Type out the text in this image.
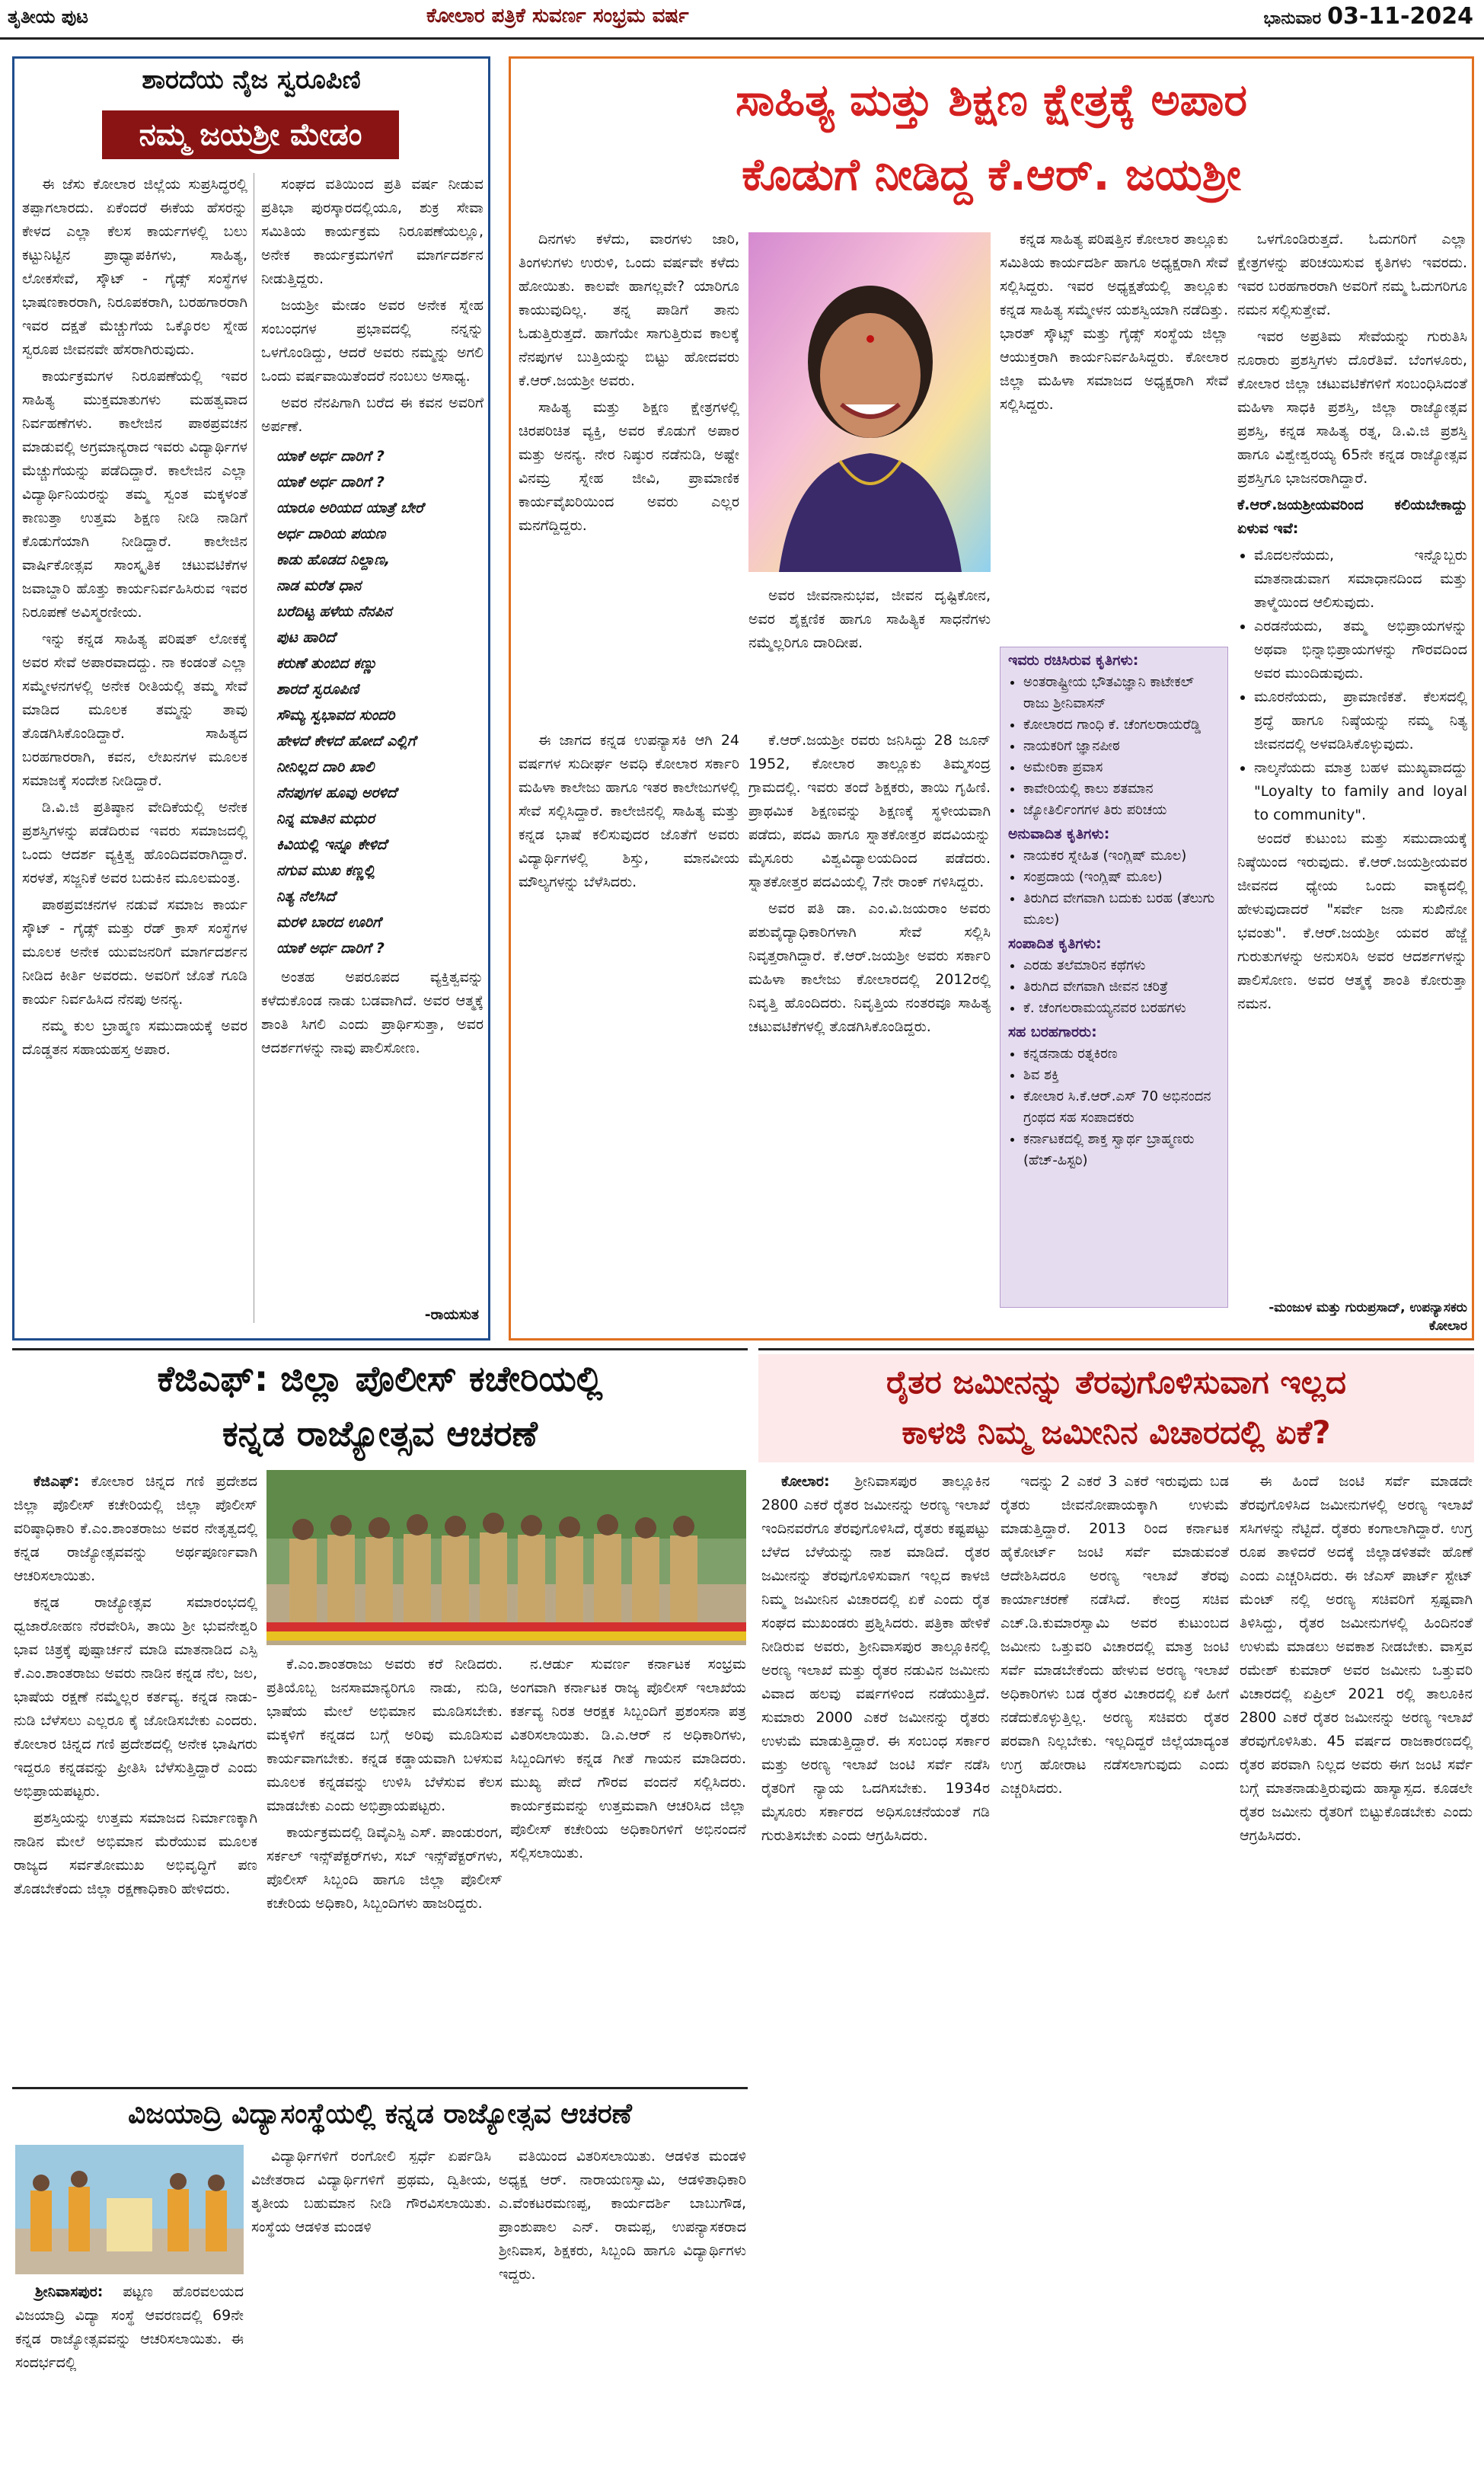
ತೃತೀಯ ಪುಟ	ಕೋಲಾರ ಪತ್ರಿಕೆ ಸುವರ್ಣ ಸಂಭ್ರಮ ವರ್ಷ	ಭಾನುವಾರ 03-11-2024
ಶಾರದೆಯ ನೈಜ ಸ್ವರೂಪಿಣಿ
ನಮ್ಮ ಜಯಶ್ರೀ ಮೇಡಂ

ಈ ಜೆಸು ಕೋಲಾರ ಜಿಲ್ಲೆಯ ಸುಪ್ರಸಿದ್ಧರಲ್ಲಿ ತಪ್ಪಾಗಲಾರದು. ಏಕೆಂದರೆ ಈಕೆಯ ಹೆಸರನ್ನು ಕೇಳದ ಎಲ್ಲಾ ಕೆಲಸ ಕಾರ್ಯಗಳಲ್ಲಿ ಬಲು ಕಟ್ಟುನಿಟ್ಟಿನ ಪ್ರಾಧ್ಯಾಪಕಿಗಳು, ಸಾಹಿತ್ಯ, ಲೋಕಸೇವೆ, ಸ್ಕೌಟ್ - ಗೈಡ್ಸ್ ಸಂಸ್ಥೆಗಳ ಭಾಷಣಕಾರರಾಗಿ, ನಿರೂಪಕರಾಗಿ, ಬರಹಗಾರರಾಗಿ ಇವರ ದಕ್ಷತೆ ಮೆಚ್ಚುಗೆಯ ಒಕ್ಕೊರಲ ಸ್ನೇಹ ಸ್ವರೂಪ ಜೀವನವೇ ಹೆಸರಾಗಿರುವುದು.

ಕಾರ್ಯಕ್ರಮಗಳ ನಿರೂಪಣೆಯಲ್ಲಿ ಇವರ ಸಾಹಿತ್ಯ ಮುಕ್ತಮಾತುಗಳು ಮಹತ್ವವಾದ ನಿರ್ವಹಣೆಗಳು. ಕಾಲೇಜಿನ ಪಾಠಪ್ರವಚನ ಮಾಡುವಲ್ಲಿ ಅಗ್ರಮಾನ್ಯರಾದ ಇವರು ವಿದ್ಯಾರ್ಥಿಗಳ ಮೆಚ್ಚುಗೆಯನ್ನು ಪಡೆದಿದ್ದಾರೆ. ಕಾಲೇಜಿನ ಎಲ್ಲಾ ವಿದ್ಯಾರ್ಥಿನಿಯರನ್ನು ತಮ್ಮ ಸ್ವಂತ ಮಕ್ಕಳಂತೆ ಕಾಣುತ್ತಾ ಉತ್ತಮ ಶಿಕ್ಷಣ ನೀಡಿ ನಾಡಿಗೆ ಕೊಡುಗೆಯಾಗಿ ನೀಡಿದ್ದಾರೆ. ಕಾಲೇಜಿನ ವಾರ್ಷಿಕೋತ್ಸವ ಸಾಂಸ್ಕೃತಿಕ ಚಟುವಟಿಕೆಗಳ ಜವಾಬ್ದಾರಿ ಹೊತ್ತು ಕಾರ್ಯನಿರ್ವಹಿಸಿರುವ ಇವರ ನಿರೂಪಣೆ ಅವಿಸ್ಮರಣೀಯ.

ಇನ್ನು ಕನ್ನಡ ಸಾಹಿತ್ಯ ಪರಿಷತ್ ಲೋಕಕ್ಕೆ ಅವರ ಸೇವೆ ಅಪಾರವಾದದ್ದು. ನಾ ಕಂಡಂತೆ ಎಲ್ಲಾ ಸಮ್ಮೇಳನಗಳಲ್ಲಿ ಅನೇಕ ರೀತಿಯಲ್ಲಿ ತಮ್ಮ ಸೇವೆ ಮಾಡಿದ ಮೂಲಕ ತಮ್ಮನ್ನು ತಾವು ತೊಡಗಿಸಿಕೊಂಡಿದ್ದಾರೆ. ಸಾಹಿತ್ಯದ ಬರಹಗಾರರಾಗಿ, ಕವನ, ಲೇಖನಗಳ ಮೂಲಕ ಸಮಾಜಕ್ಕೆ ಸಂದೇಶ ನೀಡಿದ್ದಾರೆ.

ಡಿ.ವಿ.ಜಿ ಪ್ರತಿಷ್ಠಾನ ವೇದಿಕೆಯಲ್ಲಿ ಅನೇಕ ಪ್ರಶಸ್ತಿಗಳನ್ನು ಪಡೆದಿರುವ ಇವರು ಸಮಾಜದಲ್ಲಿ ಒಂದು ಆದರ್ಶ ವ್ಯಕ್ತಿತ್ವ ಹೊಂದಿದವರಾಗಿದ್ದಾರೆ. ಸರಳತೆ, ಸಜ್ಜನಿಕೆ ಅವರ ಬದುಕಿನ ಮೂಲಮಂತ್ರ.

ಪಾಠಪ್ರವಚನಗಳ ನಡುವೆ ಸಮಾಜ ಕಾರ್ಯ ಸ್ಕೌಟ್ - ಗೈಡ್ಸ್ ಮತ್ತು ರೆಡ್ ಕ್ರಾಸ್ ಸಂಸ್ಥೆಗಳ ಮೂಲಕ ಅನೇಕ ಯುವಜನರಿಗೆ ಮಾರ್ಗದರ್ಶನ ನೀಡಿದ ಕೀರ್ತಿ ಅವರದು. ಅವರಿಗೆ ಜೊತೆ ಗೂಡಿ ಕಾರ್ಯ ನಿರ್ವಹಿಸಿದ ನೆನಪು ಅನನ್ಯ.

ನಮ್ಮ ಕುಲ ಬ್ರಾಹ್ಮಣ ಸಮುದಾಯಕ್ಕೆ ಅವರ ದೊಡ್ಡತನ ಸಹಾಯಹಸ್ತ ಅಪಾರ.

ಸಂಘದ ವತಿಯಿಂದ ಪ್ರತಿ ವರ್ಷ ನೀಡುವ ಪ್ರತಿಭಾ ಪುರಸ್ಕಾರದಲ್ಲಿಯೂ, ಶುಕ್ರ ಸೇವಾ ಸಮಿತಿಯ ಕಾರ್ಯಕ್ರಮ ನಿರೂಪಣೆಯಲ್ಲೂ, ಅನೇಕ ಕಾರ್ಯಕ್ರಮಗಳಿಗೆ ಮಾರ್ಗದರ್ಶನ ನೀಡುತ್ತಿದ್ದರು.

ಜಯಶ್ರೀ ಮೇಡಂ ಅವರ ಅನೇಕ ಸ್ನೇಹ ಸಂಬಂಧಗಳ ಪ್ರಭಾವದಲ್ಲಿ ನನ್ನನ್ನು ಒಳಗೊಂಡಿದ್ದು, ಆದರೆ ಅವರು ನಮ್ಮನ್ನು ಅಗಲಿ ಒಂದು ವರ್ಷವಾಯಿತೆಂದರೆ ನಂಬಲು ಅಸಾಧ್ಯ.

ಅವರ ನೆನಪಿಗಾಗಿ ಬರೆದ ಈ ಕವನ ಅವರಿಗೆ ಅರ್ಪಣೆ.

ಯಾಕೆ ಅರ್ಧ ದಾರಿಗೆ ?
ಯಾಕೆ ಅರ್ಧ ದಾರಿಗೆ ?
ಯಾರೂ ಅರಿಯದ ಯಾತ್ರೆ ಬೇರೆ
ಅರ್ಧ ದಾರಿಯ ಪಯಣ
ಕಾಡು ಹೊಡದ ನಿಲ್ದಾಣ,
ನಾಡ ಮರೆತ ಧಾನ
ಬರೆದಿಟ್ಟ ಹಳೆಯ ನೆನಪಿನ
ಪುಟ ಹಾರಿದೆ
ಕರುಣೆ ತುಂಬಿದ ಕಣ್ಣು
ಶಾರದೆ ಸ್ವರೂಪಿಣಿ
ಸೌಮ್ಯ ಸ್ವಭಾವದ ಸುಂದರಿ
ಹೇಳದೆ ಕೇಳದೆ ಹೋದೆ ಎಲ್ಲಿಗೆ
ನೀನಿಲ್ಲದ ದಾರಿ ಖಾಲಿ
ನೆನಪುಗಳ ಹೂವು ಅರಳಿದೆ
ನಿನ್ನ ಮಾತಿನ ಮಧುರ
ಕಿವಿಯಲ್ಲಿ ಇನ್ನೂ ಕೇಳಿದೆ
ನಗುವ ಮುಖ ಕಣ್ಣಲ್ಲಿ
ನಿತ್ಯ ನೆಲೆಸಿದೆ
ಮರಳಿ ಬಾರದ ಊರಿಗೆ
ಯಾಕೆ ಅರ್ಧ ದಾರಿಗೆ ?

ಅಂತಹ ಅಪರೂಪದ ವ್ಯಕ್ತಿತ್ವವನ್ನು ಕಳೆದುಕೊಂಡ ನಾಡು ಬಡವಾಗಿದೆ. ಅವರ ಆತ್ಮಕ್ಕೆ ಶಾಂತಿ ಸಿಗಲಿ ಎಂದು ಪ್ರಾರ್ಥಿಸುತ್ತಾ, ಅವರ ಆದರ್ಶಗಳನ್ನು ನಾವು ಪಾಲಿಸೋಣ.

-ರಾಯಸುತ
ಸಾಹಿತ್ಯ ಮತ್ತು ಶಿಕ್ಷಣ ಕ್ಷೇತ್ರಕ್ಕೆ ಅಪಾರ
ಕೊಡುಗೆ ನೀಡಿದ್ದ ಕೆ.ಆರ್. ಜಯಶ್ರೀ

ದಿನಗಳು ಕಳೆದು, ವಾರಗಳು ಜಾರಿ, ತಿಂಗಳುಗಳು ಉರುಳಿ, ಒಂದು ವರ್ಷವೇ ಕಳೆದು ಹೋಯಿತು. ಕಾಲವೇ ಹಾಗಲ್ಲವೇ? ಯಾರಿಗೂ ಕಾಯುವುದಿಲ್ಲ. ತನ್ನ ಪಾಡಿಗೆ ತಾನು ಓಡುತ್ತಿರುತ್ತದೆ. ಹಾಗೆಯೇ ಸಾಗುತ್ತಿರುವ ಕಾಲಕ್ಕೆ ನೆನಪುಗಳ ಬುತ್ತಿಯನ್ನು ಬಿಟ್ಟು ಹೋದವರು ಕೆ.ಆರ್.ಜಯಶ್ರೀ ಅವರು.

ಸಾಹಿತ್ಯ ಮತ್ತು ಶಿಕ್ಷಣ ಕ್ಷೇತ್ರಗಳಲ್ಲಿ ಚಿರಪರಿಚಿತ ವ್ಯಕ್ತಿ, ಅವರ ಕೊಡುಗೆ ಅಪಾರ ಮತ್ತು ಅನನ್ಯ. ನೇರ ನಿಷ್ಠುರ ನಡೆನುಡಿ, ಅಷ್ಟೇ ವಿನಮ್ರ ಸ್ನೇಹ ಜೀವಿ, ಪ್ರಾಮಾಣಿಕ ಕಾರ್ಯವೈಖರಿಯಿಂದ ಅವರು ಎಲ್ಲರ ಮನಗೆದ್ದಿದ್ದರು.

ಅವರ ಜೀವನಾನುಭವ, ಜೀವನ ದೃಷ್ಟಿಕೋನ, ಅವರ ಶೈಕ್ಷಣಿಕ ಹಾಗೂ ಸಾಹಿತ್ಯಿಕ ಸಾಧನೆಗಳು ನಮ್ಮೆಲ್ಲರಿಗೂ ದಾರಿದೀಪ.

ಈ ಜಾಗದ ಕನ್ನಡ ಉಪನ್ಯಾಸಕಿ ಆಗಿ 24 ವರ್ಷಗಳ ಸುದೀರ್ಘ ಅವಧಿ ಕೋಲಾರ ಸರ್ಕಾರಿ ಮಹಿಳಾ ಕಾಲೇಜು ಹಾಗೂ ಇತರ ಕಾಲೇಜುಗಳಲ್ಲಿ ಸೇವೆ ಸಲ್ಲಿಸಿದ್ದಾರೆ. ಕಾಲೇಜಿನಲ್ಲಿ ಸಾಹಿತ್ಯ ಮತ್ತು ಕನ್ನಡ ಭಾಷೆ ಕಲಿಸುವುದರ ಜೊತೆಗೆ ಅವರು ವಿದ್ಯಾರ್ಥಿಗಳಲ್ಲಿ ಶಿಸ್ತು, ಮಾನವೀಯ ಮೌಲ್ಯಗಳನ್ನು ಬೆಳೆಸಿದರು.

ಕೆ.ಆರ್.ಜಯಶ್ರೀ ರವರು ಜನಿಸಿದ್ದು 28 ಜೂನ್ 1952, ಕೋಲಾರ ತಾಲ್ಲೂಕು ತಿಮ್ಮಸಂದ್ರ ಗ್ರಾಮದಲ್ಲಿ. ಇವರು ತಂದೆ ಶಿಕ್ಷಕರು, ತಾಯಿ ಗೃಹಿಣಿ. ಪ್ರಾಥಮಿಕ ಶಿಕ್ಷಣವನ್ನು ಶಿಕ್ಷಣಕ್ಕೆ ಸ್ಥಳೀಯವಾಗಿ ಪಡೆದು, ಪದವಿ ಹಾಗೂ ಸ್ನಾತಕೋತ್ತರ ಪದವಿಯನ್ನು ಮೈಸೂರು ವಿಶ್ವವಿದ್ಯಾಲಯದಿಂದ ಪಡೆದರು. ಸ್ನಾತಕೋತ್ತರ ಪದವಿಯಲ್ಲಿ 7ನೇ ರಾಂಕ್ ಗಳಿಸಿದ್ದರು.

ಅವರ ಪತಿ ಡಾ. ಎಂ.ವಿ.ಜಯರಾಂ ಅವರು ಪಶುವೈದ್ಯಾಧಿಕಾರಿಗಳಾಗಿ ಸೇವೆ ಸಲ್ಲಿಸಿ ನಿವೃತ್ತರಾಗಿದ್ದಾರೆ. ಕೆ.ಆರ್.ಜಯಶ್ರೀ ಅವರು ಸರ್ಕಾರಿ ಮಹಿಳಾ ಕಾಲೇಜು ಕೋಲಾರದಲ್ಲಿ 2012ರಲ್ಲಿ ನಿವೃತ್ತಿ ಹೊಂದಿದರು. ನಿವೃತ್ತಿಯ ನಂತರವೂ ಸಾಹಿತ್ಯ ಚಟುವಟಿಕೆಗಳಲ್ಲಿ ತೊಡಗಿಸಿಕೊಂಡಿದ್ದರು.

ಕನ್ನಡ ಸಾಹಿತ್ಯ ಪರಿಷತ್ತಿನ ಕೋಲಾರ ತಾಲ್ಲೂಕು ಸಮಿತಿಯ ಕಾರ್ಯದರ್ಶಿ ಹಾಗೂ ಅಧ್ಯಕ್ಷರಾಗಿ ಸೇವೆ ಸಲ್ಲಿಸಿದ್ದರು. ಇವರ ಅಧ್ಯಕ್ಷತೆಯಲ್ಲಿ ತಾಲ್ಲೂಕು ಕನ್ನಡ ಸಾಹಿತ್ಯ ಸಮ್ಮೇಳನ ಯಶಸ್ವಿಯಾಗಿ ನಡೆದಿತ್ತು. ಭಾರತ್ ಸ್ಕೌಟ್ಸ್ ಮತ್ತು ಗೈಡ್ಸ್ ಸಂಸ್ಥೆಯ ಜಿಲ್ಲಾ ಆಯುಕ್ತರಾಗಿ ಕಾರ್ಯನಿರ್ವಹಿಸಿದ್ದರು. ಕೋಲಾರ ಜಿಲ್ಲಾ ಮಹಿಳಾ ಸಮಾಜದ ಅಧ್ಯಕ್ಷರಾಗಿ ಸೇವೆ ಸಲ್ಲಿಸಿದ್ದರು.

ಇವರು ರಚಿಸಿರುವ ಕೃತಿಗಳು:
• ಅಂತರಾಷ್ಟ್ರೀಯ ಭೌತವಿಜ್ಞಾನಿ ಕಾಟೇಕಲ್ ರಾಜು ಶ್ರೀನಿವಾಸನ್
• ಕೋಲಾರದ ಗಾಂಧಿ ಕೆ. ಚೆಂಗಲರಾಯರೆಡ್ಡಿ
• ನಾಯಕರಿಗೆ ಜ್ಞಾನಪೀಠ
• ಅಮೇರಿಕಾ ಪ್ರವಾಸ
• ಕಾವೇರಿಯಲ್ಲಿ ಕಾಲು ಶತಮಾನ
• ಜ್ಯೋತಿರ್ಲಿಂಗಗಳ ತಿರು ಪರಿಚಯ
ಅನುವಾದಿತ ಕೃತಿಗಳು:
• ನಾಯಕರ ಸ್ನೇಹಿತ (ಇಂಗ್ಲಿಷ್ ಮೂಲ)
• ಸಂಪ್ರದಾಯ (ಇಂಗ್ಲಿಷ್ ಮೂಲ)
• ತಿರುಗಿದ ವೇಗವಾಗಿ ಬದುಕು ಬರಹ (ತೆಲುಗು ಮೂಲ)
ಸಂಪಾದಿತ ಕೃತಿಗಳು:
• ಎರಡು ತಲೆಮಾರಿನ ಕಥೆಗಳು
• ತಿರುಗಿದ ವೇಗವಾಗಿ ಜೀವನ ಚರಿತ್ರೆ
• ಕೆ. ಚೆಂಗಲರಾಮಯ್ಯನವರ ಬರಹಗಳು
ಸಹ ಬರಹಗಾರರು:
• ಕನ್ನಡನಾಡು ರತ್ನಕಿರಣ
• ಶಿವ ಶಕ್ತಿ
• ಕೋಲಾರ ಸಿ.ಕೆ.ಆರ್.ಎಸ್ 70 ಅಭಿನಂದನ ಗ್ರಂಥದ ಸಹ ಸಂಪಾದಕರು
• ಕರ್ನಾಟಕದಲ್ಲಿ ಶಾಕ್ತ ಸ್ವಾರ್ಥ ಬ್ರಾಹ್ಮಣರು (ಹೆಚ್-ಹಿಸ್ಟರಿ)

ಒಳಗೊಂಡಿರುತ್ತದೆ. ಓದುಗರಿಗೆ ಎಲ್ಲಾ ಕ್ಷೇತ್ರಗಳನ್ನು ಪರಿಚಯಿಸುವ ಕೃತಿಗಳು ಇವರದು. ಇವರ ಬರಹಗಾರರಾಗಿ ಅವರಿಗೆ ನಮ್ಮ ಓದುಗರಿಗೂ ನಮನ ಸಲ್ಲಿಸುತ್ತೇವೆ.

ಇವರ ಅಪ್ರತಿಮ ಸೇವೆಯನ್ನು ಗುರುತಿಸಿ ನೂರಾರು ಪ್ರಶಸ್ತಿಗಳು ದೊರೆತಿವೆ. ಬೆಂಗಳೂರು, ಕೋಲಾರ ಜಿಲ್ಲಾ ಚಟುವಟಿಕೆಗಳಿಗೆ ಸಂಬಂಧಿಸಿದಂತೆ ಮಹಿಳಾ ಸಾಧಕಿ ಪ್ರಶಸ್ತಿ, ಜಿಲ್ಲಾ ರಾಜ್ಯೋತ್ಸವ ಪ್ರಶಸ್ತಿ, ಕನ್ನಡ ಸಾಹಿತ್ಯ ರತ್ನ, ಡಿ.ವಿ.ಜಿ ಪ್ರಶಸ್ತಿ ಹಾಗೂ ವಿಶ್ವೇಶ್ವರಯ್ಯ 65ನೇ ಕನ್ನಡ ರಾಜ್ಯೋತ್ಸವ ಪ್ರಶಸ್ತಿಗೂ ಭಾಜನರಾಗಿದ್ದಾರೆ.

ಕೆ.ಆರ್.ಜಯಶ್ರೀಯವರಿಂದ ಕಲಿಯಬೇಕಾದ್ದು ಏಳುವ ಇವೆ:
• ಮೊದಲನೆಯದು, ಇನ್ನೊಬ್ಬರು ಮಾತನಾಡುವಾಗ ಸಮಾಧಾನದಿಂದ ಮತ್ತು ತಾಳ್ಮೆಯಿಂದ ಆಲಿಸುವುದು.
• ಎರಡನೆಯದು, ತಮ್ಮ ಅಭಿಪ್ರಾಯಗಳನ್ನು ಅಥವಾ ಭಿನ್ನಾಭಿಪ್ರಾಯಗಳನ್ನು ಗೌರವದಿಂದ ಅವರ ಮುಂದಿಡುವುದು.
• ಮೂರನೆಯದು, ಪ್ರಾಮಾಣಿಕತೆ. ಕೆಲಸದಲ್ಲಿ ಶ್ರದ್ಧೆ ಹಾಗೂ ನಿಷ್ಠೆಯನ್ನು ನಮ್ಮ ನಿತ್ಯ ಜೀವನದಲ್ಲಿ ಅಳವಡಿಸಿಕೊಳ್ಳುವುದು.
• ನಾಲ್ಕನೆಯದು ಮಾತ್ರ ಬಹಳ ಮುಖ್ಯವಾದದ್ದು "Loyalty to family and loyal to community".

ಅಂದರೆ ಕುಟುಂಬ ಮತ್ತು ಸಮುದಾಯಕ್ಕೆ ನಿಷ್ಠೆಯಿಂದ ಇರುವುದು. ಕೆ.ಆರ್.ಜಯಶ್ರೀಯವರ ಜೀವನದ ಧ್ಯೇಯ ಒಂದು ವಾಕ್ಯದಲ್ಲಿ ಹೇಳುವುದಾದರೆ "ಸರ್ವೇ ಜನಾ ಸುಖಿನೋ ಭವಂತು". ಕೆ.ಆರ್.ಜಯಶ್ರೀ ಯವರ ಹೆಜ್ಜೆ ಗುರುತುಗಳನ್ನು ಅನುಸರಿಸಿ ಅವರ ಆದರ್ಶಗಳನ್ನು ಪಾಲಿಸೋಣ. ಅವರ ಆತ್ಮಕ್ಕೆ ಶಾಂತಿ ಕೋರುತ್ತಾ ನಮನ.

-ಮಂಜುಳ ಮತ್ತು ಗುರುಪ್ರಸಾದ್, ಉಪನ್ಯಾಸಕರು ಕೋಲಾರ
ಕೆಜಿಎಫ್: ಜಿಲ್ಲಾ ಪೊಲೀಸ್ ಕಚೇರಿಯಲ್ಲಿ
ಕನ್ನಡ ರಾಜ್ಯೋತ್ಸವ ಆಚರಣೆ

ಕೆಜಿಎಫ್: ಕೋಲಾರ ಚಿನ್ನದ ಗಣಿ ಪ್ರದೇಶದ ಜಿಲ್ಲಾ ಪೊಲೀಸ್ ಕಚೇರಿಯಲ್ಲಿ ಜಿಲ್ಲಾ ಪೊಲೀಸ್ ವರಿಷ್ಠಾಧಿಕಾರಿ ಕೆ.ಎಂ.ಶಾಂತರಾಜು ಅವರ ನೇತೃತ್ವದಲ್ಲಿ ಕನ್ನಡ ರಾಜ್ಯೋತ್ಸವವನ್ನು ಅರ್ಥಪೂರ್ಣವಾಗಿ ಆಚರಿಸಲಾಯಿತು.

ಕನ್ನಡ ರಾಜ್ಯೋತ್ಸವ ಸಮಾರಂಭದಲ್ಲಿ ಧ್ವಜಾರೋಹಣ ನೆರವೇರಿಸಿ, ತಾಯಿ ಶ್ರೀ ಭುವನೇಶ್ವರಿ ಭಾವ ಚಿತ್ರಕ್ಕೆ ಪುಷ್ಪಾರ್ಚನೆ ಮಾಡಿ ಮಾತನಾಡಿದ ಎಸ್ಪಿ ಕೆ.ಎಂ.ಶಾಂತರಾಜು ಅವರು ನಾಡಿನ ಕನ್ನಡ ನೆಲ, ಜಲ, ಭಾಷೆಯ ರಕ್ಷಣೆ ನಮ್ಮೆಲ್ಲರ ಕರ್ತವ್ಯ. ಕನ್ನಡ ನಾಡು-ನುಡಿ ಬೆಳೆಸಲು ಎಲ್ಲರೂ ಕೈ ಜೋಡಿಸಬೇಕು ಎಂದರು. ಕೋಲಾರ ಚಿನ್ನದ ಗಣಿ ಪ್ರದೇಶದಲ್ಲಿ ಅನೇಕ ಭಾಷಿಗರು ಇದ್ದರೂ ಕನ್ನಡವನ್ನು ಪ್ರೀತಿಸಿ ಬೆಳೆಸುತ್ತಿದ್ದಾರೆ ಎಂದು ಅಭಿಪ್ರಾಯಪಟ್ಟರು.

ಪ್ರಶಸ್ತಿಯನ್ನು ಉತ್ತಮ ಸಮಾಜದ ನಿರ್ಮಾಣಕ್ಕಾಗಿ ನಾಡಿನ ಮೇಲೆ ಅಭಿಮಾನ ಮೆರೆಯುವ ಮೂಲಕ ರಾಜ್ಯದ ಸರ್ವತೋಮುಖ ಅಭಿವೃದ್ಧಿಗೆ ಪಣ ತೊಡಬೇಕೆಂದು ಜಿಲ್ಲಾ ರಕ್ಷಣಾಧಿಕಾರಿ ಹೇಳಿದರು.

ಕೆ.ಎಂ.ಶಾಂತರಾಜು ಅವರು ಕರೆ ನೀಡಿದರು. ಪ್ರತಿಯೊಬ್ಬ ಜನಸಾಮಾನ್ಯರಿಗೂ ನಾಡು, ನುಡಿ, ಭಾಷೆಯ ಮೇಲೆ ಅಭಿಮಾನ ಮೂಡಿಸಬೇಕು. ಮಕ್ಕಳಿಗೆ ಕನ್ನಡದ ಬಗ್ಗೆ ಅರಿವು ಮೂಡಿಸುವ ಕಾರ್ಯವಾಗಬೇಕು. ಕನ್ನಡ ಕಡ್ಡಾಯವಾಗಿ ಬಳಸುವ ಮೂಲಕ ಕನ್ನಡವನ್ನು ಉಳಿಸಿ ಬೆಳೆಸುವ ಕೆಲಸ ಮಾಡಬೇಕು ಎಂದು ಅಭಿಪ್ರಾಯಪಟ್ಟರು.

ಕಾರ್ಯಕ್ರಮದಲ್ಲಿ ಡಿವೈಎಸ್ಪಿ ಎಸ್. ಪಾಂಡುರಂಗ, ಸರ್ಕಲ್ ಇನ್ಸ್‌ಪೆಕ್ಟರ್‌ಗಳು, ಸಬ್ ಇನ್ಸ್‌ಪೆಕ್ಟರ್‌ಗಳು, ಪೊಲೀಸ್ ಸಿಬ್ಬಂದಿ ಹಾಗೂ ಜಿಲ್ಲಾ ಪೊಲೀಸ್ ಕಚೇರಿಯ ಅಧಿಕಾರಿ, ಸಿಬ್ಬಂದಿಗಳು ಹಾಜರಿದ್ದರು.

ನ.ಆರ್ಡು ಸುವರ್ಣ ಕರ್ನಾಟಕ ಸಂಭ್ರಮ ಅಂಗವಾಗಿ ಕರ್ನಾಟಕ ರಾಜ್ಯ ಪೊಲೀಸ್ ಇಲಾಖೆಯ ಕರ್ತವ್ಯ ನಿರತ ಆರಕ್ಷಕ ಸಿಬ್ಬಂದಿಗೆ ಪ್ರಶಂಸನಾ ಪತ್ರ ವಿತರಿಸಲಾಯಿತು. ಡಿ.ಎ.ಆರ್ ನ ಅಧಿಕಾರಿಗಳು, ಸಿಬ್ಬಂದಿಗಳು ಕನ್ನಡ ಗೀತೆ ಗಾಯನ ಮಾಡಿದರು. ಮುಖ್ಯ ಪೇದೆ ಗೌರವ ವಂದನೆ ಸಲ್ಲಿಸಿದರು. ಕಾರ್ಯಕ್ರಮವನ್ನು ಉತ್ತಮವಾಗಿ ಆಚರಿಸಿದ ಜಿಲ್ಲಾ ಪೊಲೀಸ್ ಕಚೇರಿಯ ಅಧಿಕಾರಿಗಳಿಗೆ ಅಭಿನಂದನೆ ಸಲ್ಲಿಸಲಾಯಿತು.

ವಿಜಯಾದ್ರಿ ವಿದ್ಯಾಸಂಸ್ಥೆಯಲ್ಲಿ ಕನ್ನಡ ರಾಜ್ಯೋತ್ಸವ ಆಚರಣೆ

ವಿದ್ಯಾರ್ಥಿಗಳಿಗೆ ರಂಗೋಲಿ ಸ್ಪರ್ಧೆ ಏರ್ಪಡಿಸಿ ವಿಜೇತರಾದ ವಿದ್ಯಾರ್ಥಿಗಳಿಗೆ ಪ್ರಥಮ, ದ್ವಿತೀಯ, ತೃತೀಯ ಬಹುಮಾನ ನೀಡಿ ಗೌರವಿಸಲಾಯಿತು. ಸಂಸ್ಥೆಯ ಆಡಳಿತ ಮಂಡಳಿ

ವತಿಯಿಂದ ವಿತರಿಸಲಾಯಿತು. ಆಡಳಿತ ಮಂಡಳಿ ಅಧ್ಯಕ್ಷ ಆರ್. ನಾರಾಯಣಸ್ವಾಮಿ, ಆಡಳಿತಾಧಿಕಾರಿ ಎ.ವೆಂಕಟರಮಣಪ್ಪ, ಕಾರ್ಯದರ್ಶಿ ಬಾಬುಗೌಡ, ಪ್ರಾಂಶುಪಾಲ ಎನ್. ರಾಮಪ್ಪ, ಉಪನ್ಯಾಸಕರಾದ ಶ್ರೀನಿವಾಸ, ಶಿಕ್ಷಕರು, ಸಿಬ್ಬಂದಿ ಹಾಗೂ ವಿದ್ಯಾರ್ಥಿಗಳು ಇದ್ದರು.

ಶ್ರೀನಿವಾಸಪುರ: ಪಟ್ಟಣ ಹೊರವಲಯದ ವಿಜಯಾದ್ರಿ ವಿದ್ಯಾ ಸಂಸ್ಥೆ ಆವರಣದಲ್ಲಿ 69ನೇ ಕನ್ನಡ ರಾಜ್ಯೋತ್ಸವವನ್ನು ಆಚರಿಸಲಾಯಿತು. ಈ ಸಂದರ್ಭದಲ್ಲಿ

ರೈತರ ಜಮೀನನ್ನು ತೆರವುಗೊಳಿಸುವಾಗ ಇಲ್ಲದ
ಕಾಳಜಿ ನಿಮ್ಮ ಜಮೀನಿನ ವಿಚಾರದಲ್ಲಿ ಏಕೆ?

ಕೋಲಾರ: ಶ್ರೀನಿವಾಸಪುರ ತಾಲ್ಲೂಕಿನ 2800 ಎಕರೆ ರೈತರ ಜಮೀನನ್ನು ಅರಣ್ಯ ಇಲಾಖೆ ಇಂದಿನವರೆಗೂ ತೆರವುಗೊಳಿಸಿದೆ, ರೈತರು ಕಷ್ಟಪಟ್ಟು ಬೆಳೆದ ಬೆಳೆಯನ್ನು ನಾಶ ಮಾಡಿದೆ. ರೈತರ ಜಮೀನನ್ನು ತೆರವುಗೊಳಿಸುವಾಗ ಇಲ್ಲದ ಕಾಳಜಿ ನಿಮ್ಮ ಜಮೀನಿನ ವಿಚಾರದಲ್ಲಿ ಏಕೆ ಎಂದು ರೈತ ಸಂಘದ ಮುಖಂಡರು ಪ್ರಶ್ನಿಸಿದರು. ಪತ್ರಿಕಾ ಹೇಳಿಕೆ ನೀಡಿರುವ ಅವರು, ಶ್ರೀನಿವಾಸಪುರ ತಾಲ್ಲೂಕಿನಲ್ಲಿ ಅರಣ್ಯ ಇಲಾಖೆ ಮತ್ತು ರೈತರ ನಡುವಿನ ಜಮೀನು ವಿವಾದ ಹಲವು ವರ್ಷಗಳಿಂದ ನಡೆಯುತ್ತಿದೆ. ಸುಮಾರು 2000 ಎಕರೆ ಜಮೀನನ್ನು ರೈತರು ಉಳುಮೆ ಮಾಡುತ್ತಿದ್ದಾರೆ. ಈ ಸಂಬಂಧ ಸರ್ಕಾರ ಮತ್ತು ಅರಣ್ಯ ಇಲಾಖೆ ಜಂಟಿ ಸರ್ವೆ ನಡೆಸಿ ರೈತರಿಗೆ ನ್ಯಾಯ ಒದಗಿಸಬೇಕು. 1934ರ ಮೈಸೂರು ಸರ್ಕಾರದ ಅಧಿಸೂಚನೆಯಂತೆ ಗಡಿ ಗುರುತಿಸಬೇಕು ಎಂದು ಆಗ್ರಹಿಸಿದರು.

ಇದನ್ನು 2 ಎಕರೆ 3 ಎಕರೆ ಇರುವುದು ಬಡ ರೈತರು ಜೀವನೋಪಾಯಕ್ಕಾಗಿ ಉಳುಮೆ ಮಾಡುತ್ತಿದ್ದಾರೆ. 2013 ರಿಂದ ಕರ್ನಾಟಕ ಹೈಕೋರ್ಟ್ ಜಂಟಿ ಸರ್ವೆ ಮಾಡುವಂತೆ ಆದೇಶಿಸಿದರೂ ಅರಣ್ಯ ಇಲಾಖೆ ತೆರವು ಕಾರ್ಯಾಚರಣೆ ನಡೆಸಿದೆ. ಕೇಂದ್ರ ಸಚಿವ ಎಚ್.ಡಿ.ಕುಮಾರಸ್ವಾಮಿ ಅವರ ಕುಟುಂಬದ ಜಮೀನು ಒತ್ತುವರಿ ವಿಚಾರದಲ್ಲಿ ಮಾತ್ರ ಜಂಟಿ ಸರ್ವೆ ಮಾಡಬೇಕೆಂದು ಹೇಳುವ ಅರಣ್ಯ ಇಲಾಖೆ ಅಧಿಕಾರಿಗಳು ಬಡ ರೈತರ ವಿಚಾರದಲ್ಲಿ ಏಕೆ ಹೀಗೆ ನಡೆದುಕೊಳ್ಳುತ್ತಿಲ್ಲ. ಅರಣ್ಯ ಸಚಿವರು ರೈತರ ಪರವಾಗಿ ನಿಲ್ಲಬೇಕು. ಇಲ್ಲದಿದ್ದರೆ ಜಿಲ್ಲೆಯಾದ್ಯಂತ ಉಗ್ರ ಹೋರಾಟ ನಡೆಸಲಾಗುವುದು ಎಂದು ಎಚ್ಚರಿಸಿದರು.

ಈ ಹಿಂದೆ ಜಂಟಿ ಸರ್ವೆ ಮಾಡದೇ ತೆರವುಗೊಳಿಸಿದ ಜಮೀನುಗಳಲ್ಲಿ ಅರಣ್ಯ ಇಲಾಖೆ ಸಸಿಗಳನ್ನು ನೆಟ್ಟಿದೆ. ರೈತರು ಕಂಗಾಲಾಗಿದ್ದಾರೆ. ಉಗ್ರ ರೂಪ ತಾಳಿದರೆ ಅದಕ್ಕೆ ಜಿಲ್ಲಾಡಳಿತವೇ ಹೊಣೆ ಎಂದು ಎಚ್ಚರಿಸಿದರು. ಈ ಜೆಎಸ್ ಪಾರ್ಟ್ ಸ್ಟೇಟ್ ಮೆಂಟ್ ನಲ್ಲಿ ಅರಣ್ಯ ಸಚಿವರಿಗೆ ಸ್ಪಷ್ಟವಾಗಿ ತಿಳಿಸಿದ್ದು, ರೈತರ ಜಮೀನುಗಳಲ್ಲಿ ಹಿಂದಿನಂತೆ ಉಳುಮೆ ಮಾಡಲು ಅವಕಾಶ ನೀಡಬೇಕು. ವಾಸ್ತವ ರಮೇಶ್ ಕುಮಾರ್ ಅವರ ಜಮೀನು ಒತ್ತುವರಿ ವಿಚಾರದಲ್ಲಿ ಏಪ್ರಿಲ್ 2021 ರಲ್ಲಿ ತಾಲೂಕಿನ 2800 ಎಕರೆ ರೈತರ ಜಮೀನನ್ನು ಅರಣ್ಯ ಇಲಾಖೆ ತೆರವುಗೊಳಿಸಿತು. 45 ವರ್ಷದ ರಾಜಕಾರಣದಲ್ಲಿ ರೈತರ ಪರವಾಗಿ ನಿಲ್ಲದ ಅವರು ಈಗ ಜಂಟಿ ಸರ್ವೆ ಬಗ್ಗೆ ಮಾತನಾಡುತ್ತಿರುವುದು ಹಾಸ್ಯಾಸ್ಪದ. ಕೂಡಲೇ ರೈತರ ಜಮೀನು ರೈತರಿಗೆ ಬಿಟ್ಟುಕೊಡಬೇಕು ಎಂದು ಆಗ್ರಹಿಸಿದರು.
